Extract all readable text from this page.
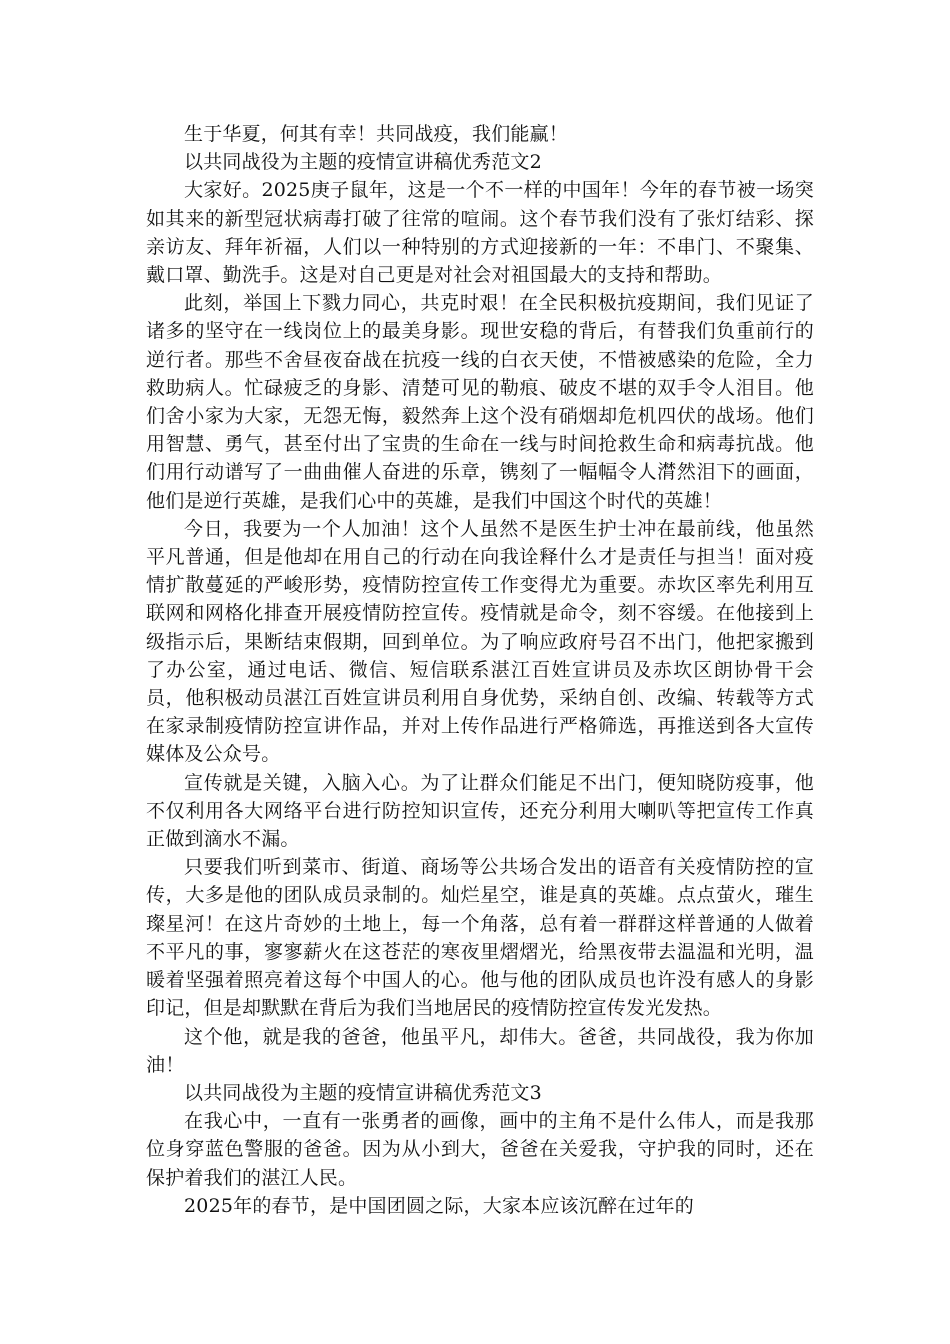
生于华夏，何其有幸！共同战疫，我们能赢！

以共同战役为主题的疫情宣讲稿优秀范文2

大家好。2025庚子鼠年，这是一个不一样的中国年！今年的春节被一场突如其来的新型冠状病毒打破了往常的喧闹。这个春节我们没有了张灯结彩、探亲访友、拜年祈福，人们以一种特别的方式迎接新的一年：不串门、不聚集、戴口罩、勤洗手。这是对自己更是对社会对祖国最大的支持和帮助。

此刻，举国上下戮力同心，共克时艰！在全民积极抗疫期间，我们见证了诸多的坚守在一线岗位上的最美身影。现世安稳的背后，有替我们负重前行的逆行者。那些不舍昼夜奋战在抗疫一线的白衣天使，不惜被感染的危险，全力救助病人。忙碌疲乏的身影、清楚可见的勒痕、破皮不堪的双手令人泪目。他们舍小家为大家，无怨无悔，毅然奔上这个没有硝烟却危机四伏的战场。他们用智慧、勇气，甚至付出了宝贵的生命在一线与时间抢救生命和病毒抗战。他们用行动谱写了一曲曲催人奋进的乐章，镌刻了一幅幅令人潸然泪下的画面，他们是逆行英雄，是我们心中的英雄，是我们中国这个时代的英雄！

今日，我要为一个人加油！这个人虽然不是医生护士冲在最前线，他虽然平凡普通，但是他却在用自己的行动在向我诠释什么才是责任与担当！面对疫情扩散蔓延的严峻形势，疫情防控宣传工作变得尤为重要。赤坎区率先利用互联网和网格化排查开展疫情防控宣传。疫情就是命令，刻不容缓。在他接到上级指示后，果断结束假期，回到单位。为了响应政府号召不出门，他把家搬到了办公室，通过电话、微信、短信联系湛江百姓宣讲员及赤坎区朗协骨干会员，他积极动员湛江百姓宣讲员利用自身优势，采纳自创、改编、转载等方式在家录制疫情防控宣讲作品，并对上传作品进行严格筛选，再推送到各大宣传媒体及公众号。

宣传就是关键，入脑入心。为了让群众们能足不出门，便知晓防疫事，他不仅利用各大网络平台进行防控知识宣传，还充分利用大喇叭等把宣传工作真正做到滴水不漏。

只要我们听到菜市、街道、商场等公共场合发出的语音有关疫情防控的宣传，大多是他的团队成员录制的。灿烂星空，谁是真的英雄。点点萤火，璀生璨星河！在这片奇妙的土地上，每一个角落，总有着一群群这样普通的人做着不平凡的事，寥寥薪火在这苍茫的寒夜里熠熠光，给黑夜带去温温和光明，温暖着坚强着照亮着这每个中国人的心。他与他的团队成员也许没有感人的身影印记，但是却默默在背后为我们当地居民的疫情防控宣传发光发热。

这个他，就是我的爸爸，他虽平凡，却伟大。爸爸，共同战役，我为你加油！

以共同战役为主题的疫情宣讲稿优秀范文3

在我心中，一直有一张勇者的画像，画中的主角不是什么伟人，而是我那位身穿蓝色警服的爸爸。因为从小到大，爸爸在关爱我，守护我的同时，还在保护着我们的湛江人民。

2025年的春节，是中国团圆之际，大家本应该沉醉在过年的
